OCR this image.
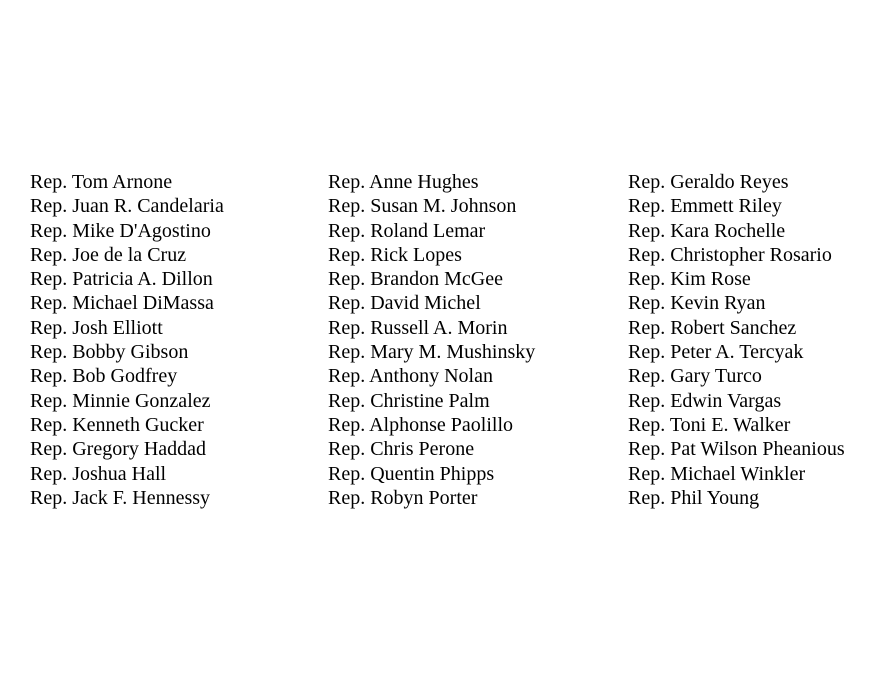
Rep. Tom Arnone
Rep. Juan R. Candelaria
Rep. Mike D'Agostino
Rep. Joe de la Cruz
Rep. Patricia A. Dillon
Rep. Michael DiMassa
Rep. Josh Elliott
Rep. Bobby Gibson
Rep. Bob Godfrey
Rep. Minnie Gonzalez
Rep. Kenneth Gucker
Rep. Gregory Haddad
Rep. Joshua Hall
Rep. Jack F. Hennessy
Rep. Anne Hughes
Rep. Susan M. Johnson
Rep. Roland Lemar
Rep. Rick Lopes
Rep. Brandon McGee
Rep. David Michel
Rep. Russell A. Morin
Rep. Mary M. Mushinsky
Rep. Anthony Nolan
Rep. Christine Palm
Rep. Alphonse Paolillo
Rep. Chris Perone
Rep. Quentin Phipps
Rep. Robyn Porter
Rep. Geraldo Reyes
Rep. Emmett Riley
Rep. Kara Rochelle
Rep. Christopher Rosario
Rep. Kim Rose
Rep. Kevin Ryan
Rep. Robert Sanchez
Rep. Peter A. Tercyak
Rep. Gary Turco
Rep. Edwin Vargas
Rep. Toni E. Walker
Rep. Pat Wilson Pheanious
Rep. Michael Winkler
Rep. Phil Young
